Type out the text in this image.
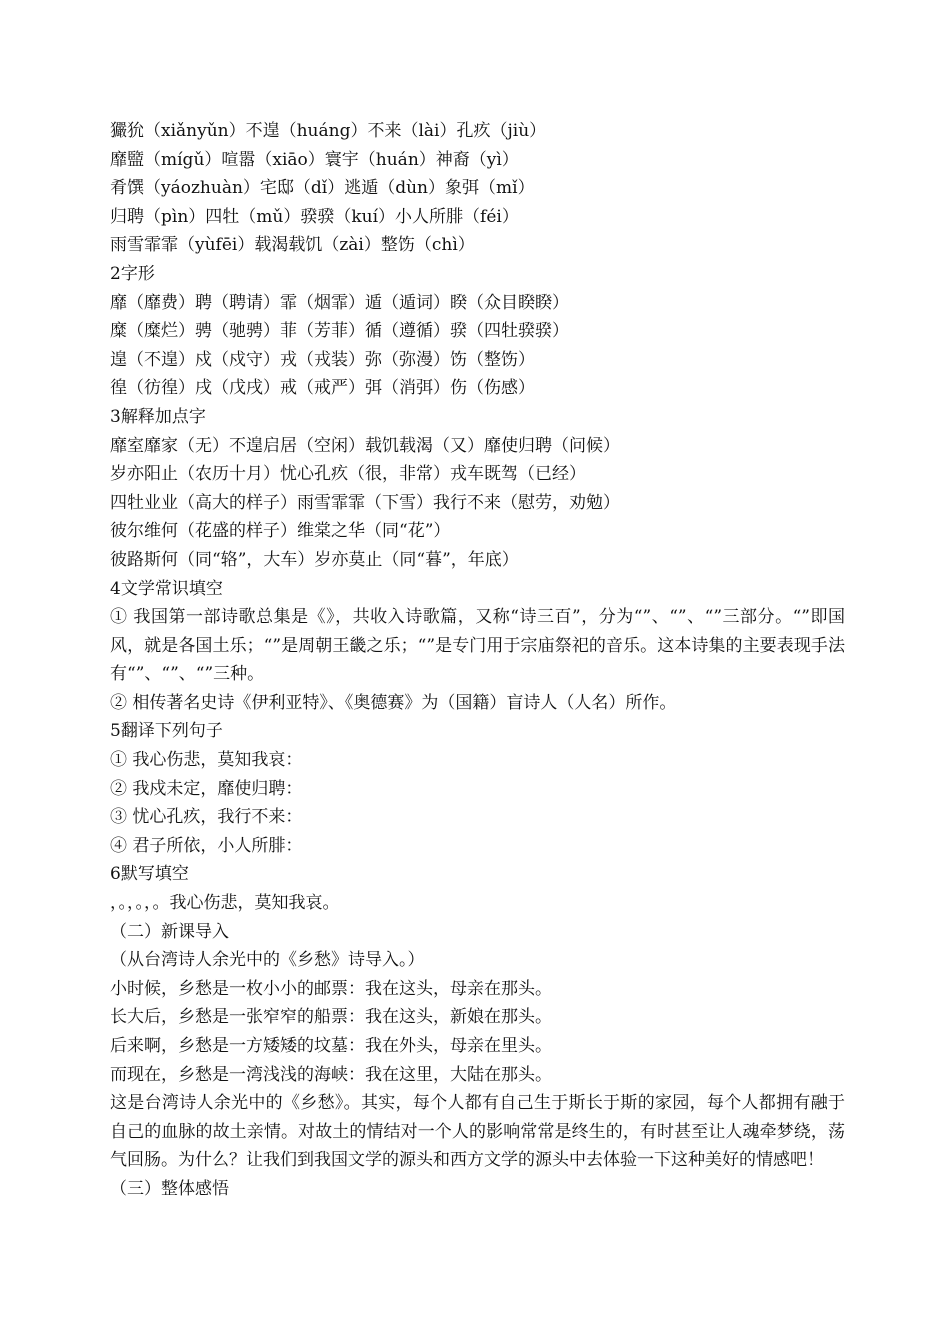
玁狁（xiǎnyǔn）不遑（huáng）不来（lài）孔疚（jiù）

靡盬（mígǔ）喧嚣（xiāo）寰宇（huán）神裔（yì）

肴馔（yáozhuàn）宅邸（dǐ）逃遁（dùn）象弭（mǐ）

归聘（pìn）四牡（mǔ）骙骙（kuí）小人所腓（féi）

雨雪霏霏（yùfēi）载渴载饥（zài）整饬（chì）

2字形

靡（靡费）聘（聘请）霏（烟霏）遁（遁词）睽（众目睽睽）

糜（糜烂）骋（驰骋）菲（芳菲）循（遵循）骙（四牡骙骙）

遑（不遑）戍（戍守）戎（戎装）弥（弥漫）饬（整饬）

徨（彷徨）戌（戊戌）戒（戒严）弭（消弭）伤（伤感）

3解释加点字

靡室靡家（无）不遑启居（空闲）载饥载渴（又）靡使归聘（问候）

岁亦阳止（农历十月）忧心孔疚（很，非常）戎车既驾（已经）

四牡业业（高大的样子）雨雪霏霏（下雪）我行不来（慰劳，劝勉）

彼尔维何（花盛的样子）维棠之华（同“花”）

彼路斯何（同“辂”，大车）岁亦莫止（同“暮”，年底）

4文学常识填空

① 我国第一部诗歌总集是《》，共收入诗歌篇，又称“诗三百”，分为“”、“”、“”三部分。“”即国风，就是各国土乐；“”是周朝王畿之乐；“”是专门用于宗庙祭祀的音乐。这本诗集的主要表现手法有“”、“”、“”三种。

② 相传著名史诗《伊利亚特》、《奥德赛》为（国籍）盲诗人（人名）所作。

5翻译下列句子

① 我心伤悲，莫知我哀：

② 我戍未定，靡使归聘：

③ 忧心孔疚，我行不来：

④ 君子所依，小人所腓：

6默写填空

，。，。，。我心伤悲，莫知我哀。

（二）新课导入

（从台湾诗人余光中的《乡愁》诗导入。）

小时候，乡愁是一枚小小的邮票：我在这头，母亲在那头。

长大后，乡愁是一张窄窄的船票：我在这头，新娘在那头。

后来啊，乡愁是一方矮矮的坟墓：我在外头，母亲在里头。

而现在，乡愁是一湾浅浅的海峡：我在这里，大陆在那头。

这是台湾诗人余光中的《乡愁》。其实，每个人都有自己生于斯长于斯的家园，每个人都拥有融于自己的血脉的故土亲情。对故土的情结对一个人的影响常常是终生的，有时甚至让人魂牵梦绕，荡气回肠。为什么？让我们到我国文学的源头和西方文学的源头中去体验一下这种美好的情感吧！

（三）整体感悟
